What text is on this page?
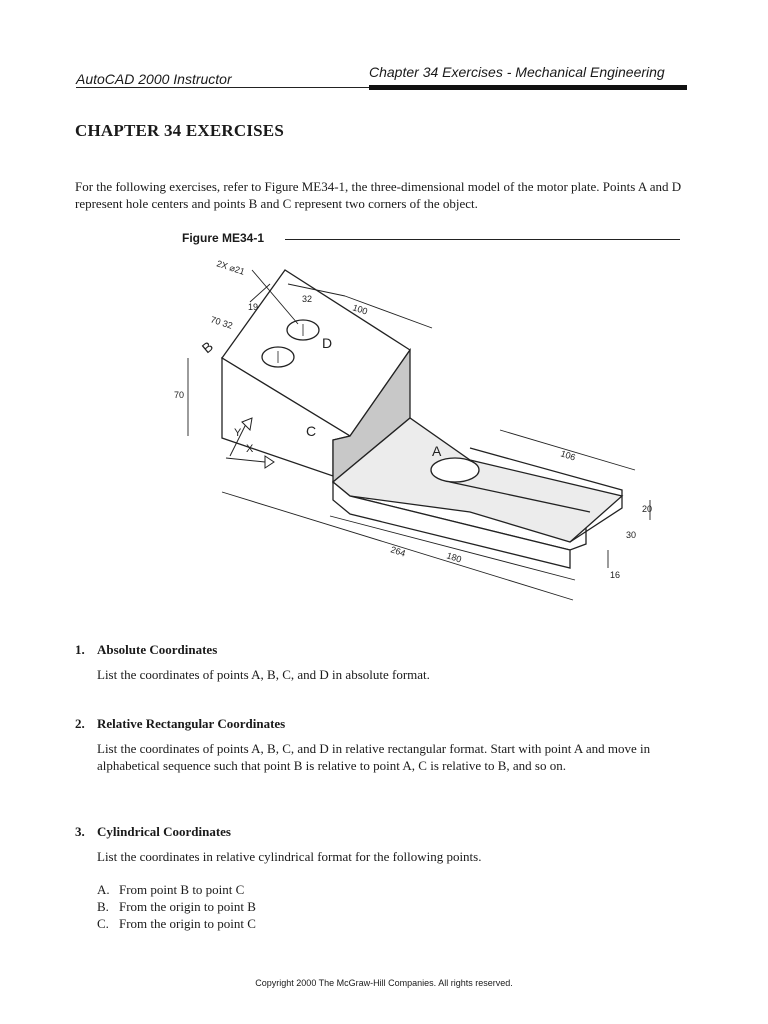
AutoCAD 2000 Instructor	Chapter 34 Exercises - Mechanical Engineering
CHAPTER 34 EXERCISES
For the following exercises, refer to Figure ME34-1, the three-dimensional model of the motor plate. Points A and D represent hole centers and points B and C represent two corners of the object.
Figure ME34-1
2X ⌀21
32
100
19
70 32
B	D
C
A
70
Y
X	106
20
30
16
264	180
1. Absolute Coordinates

List the coordinates of points A, B, C, and D in absolute format.

2. Relative Rectangular Coordinates

List the coordinates of points A, B, C, and D in relative rectangular format. Start with point A and move in alphabetical sequence such that point B is relative to point A, C is relative to B, and so on.

3. Cylindrical Coordinates

List the coordinates in relative cylindrical format for the following points.

A. From point B to point C
B. From the origin to point B
C. From the origin to point C
Copyright 2000 The McGraw-Hill Companies. All rights reserved.
